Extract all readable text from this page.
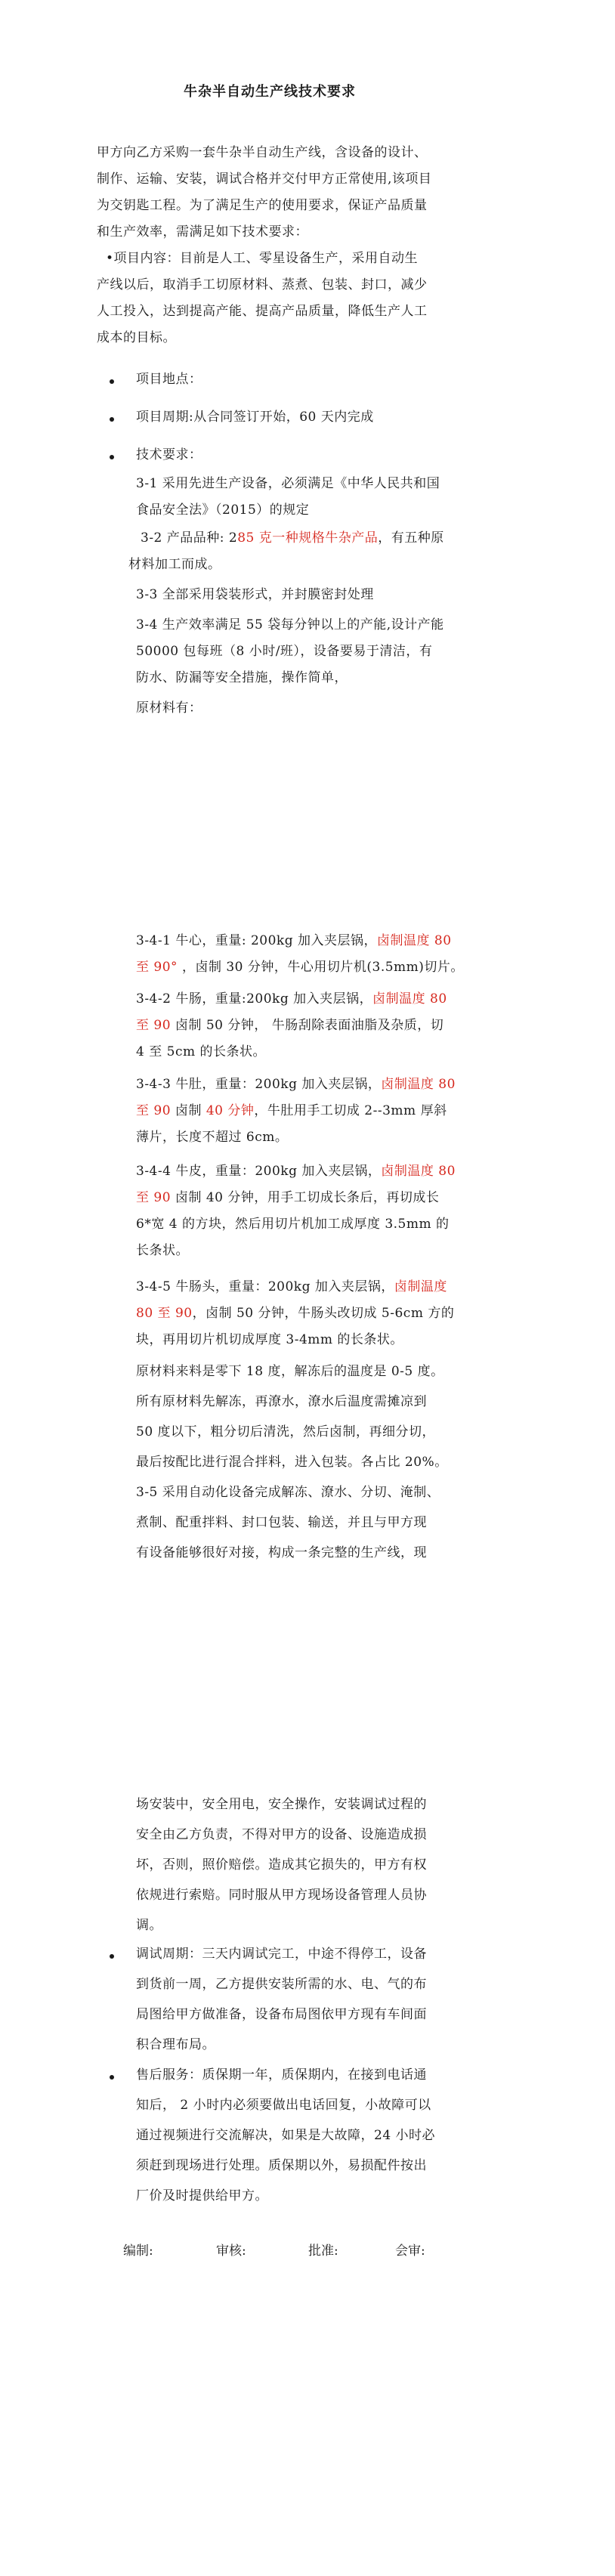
牛杂半自动生产线技术要求
甲方向乙方采购一套牛杂半自动生产线，含设备的设计、
制作、运输、安装，调试合格并交付甲方正常使用,该项目
为交钥匙工程。为了满足生产的使用要求，保证产品质量
和生产效率，需满足如下技术要求：
•项目内容：目前是人工、零星设备生产，采用自动生
产线以后，取消手工切原材料、蒸煮、包装、封口，减少
人工投入，达到提高产能、提高产品质量，降低生产人工
成本的目标。
项目地点：
项目周期:从合同签订开始，60 天内完成
技术要求：
3-1 采用先进生产设备，必须满足《中华人民共和国
食品安全法》（2015）的规定
3-2 产品品种: 285 克一种规格牛杂产品，有五种原
材料加工而成。
3-3 全部采用袋装形式，并封膜密封处理
3-4 生产效率满足 55 袋每分钟以上的产能,设计产能
50000 包每班（8 小时/班），设备要易于清洁，有
防水、防漏等安全措施，操作简单，
原材料有：
3-4-1 牛心，重量: 200kg 加入夹层锅，卤制温度 80
至 90° ，卤制 30 分钟，牛心用切片机(3.5mm)切片。
3-4-2 牛肠，重量:200kg 加入夹层锅，卤制温度 80
至 90 卤制 50 分钟， 牛肠刮除表面油脂及杂质，切
4 至 5cm 的长条状。
3-4-3 牛肚，重量：200kg 加入夹层锅，卤制温度 80
至 90 卤制 40 分钟，牛肚用手工切成 2--3mm 厚斜
薄片，长度不超过 6cm。
3-4-4 牛皮，重量：200kg 加入夹层锅，卤制温度 80
至 90 卤制 40 分钟，用手工切成长条后，再切成长
6*宽 4 的方块，然后用切片机加工成厚度 3.5mm 的
长条状。
3-4-5 牛肠头，重量：200kg 加入夹层锅，卤制温度
80 至 90，卤制 50 分钟，牛肠头改切成 5-6cm 方的
块，再用切片机切成厚度 3-4mm 的长条状。
原材料来料是零下 18 度，解冻后的温度是 0-5 度。
所有原材料先解冻，再潦水，潦水后温度需摊凉到
50 度以下，粗分切后清洗，然后卤制，再细分切，
最后按配比进行混合拌料，进入包装。各占比 20%。
3-5 采用自动化设备完成解冻、潦水、分切、淹制、
煮制、配重拌料、封口包装、输送，并且与甲方现
有设备能够很好对接，构成一条完整的生产线，现
场安装中，安全用电，安全操作，安装调试过程的
安全由乙方负责，不得对甲方的设备、设施造成损
坏，否则，照价赔偿。造成其它损失的，甲方有权
依规进行索赔。同时服从甲方现场设备管理人员协
调。
调试周期：三天内调试完工，中途不得停工，设备
到货前一周，乙方提供安装所需的水、电、气的布
局图给甲方做准备，设备布局图依甲方现有车间面
积合理布局。
售后服务：质保期一年，质保期内，在接到电话通
知后， 2 小时内必须要做出电话回复，小故障可以
通过视频进行交流解决，如果是大故障，24 小时必
须赶到现场进行处理。质保期以外，易损配件按出
厂价及时提供给甲方。
编制:	审核:	批准:	会审:
